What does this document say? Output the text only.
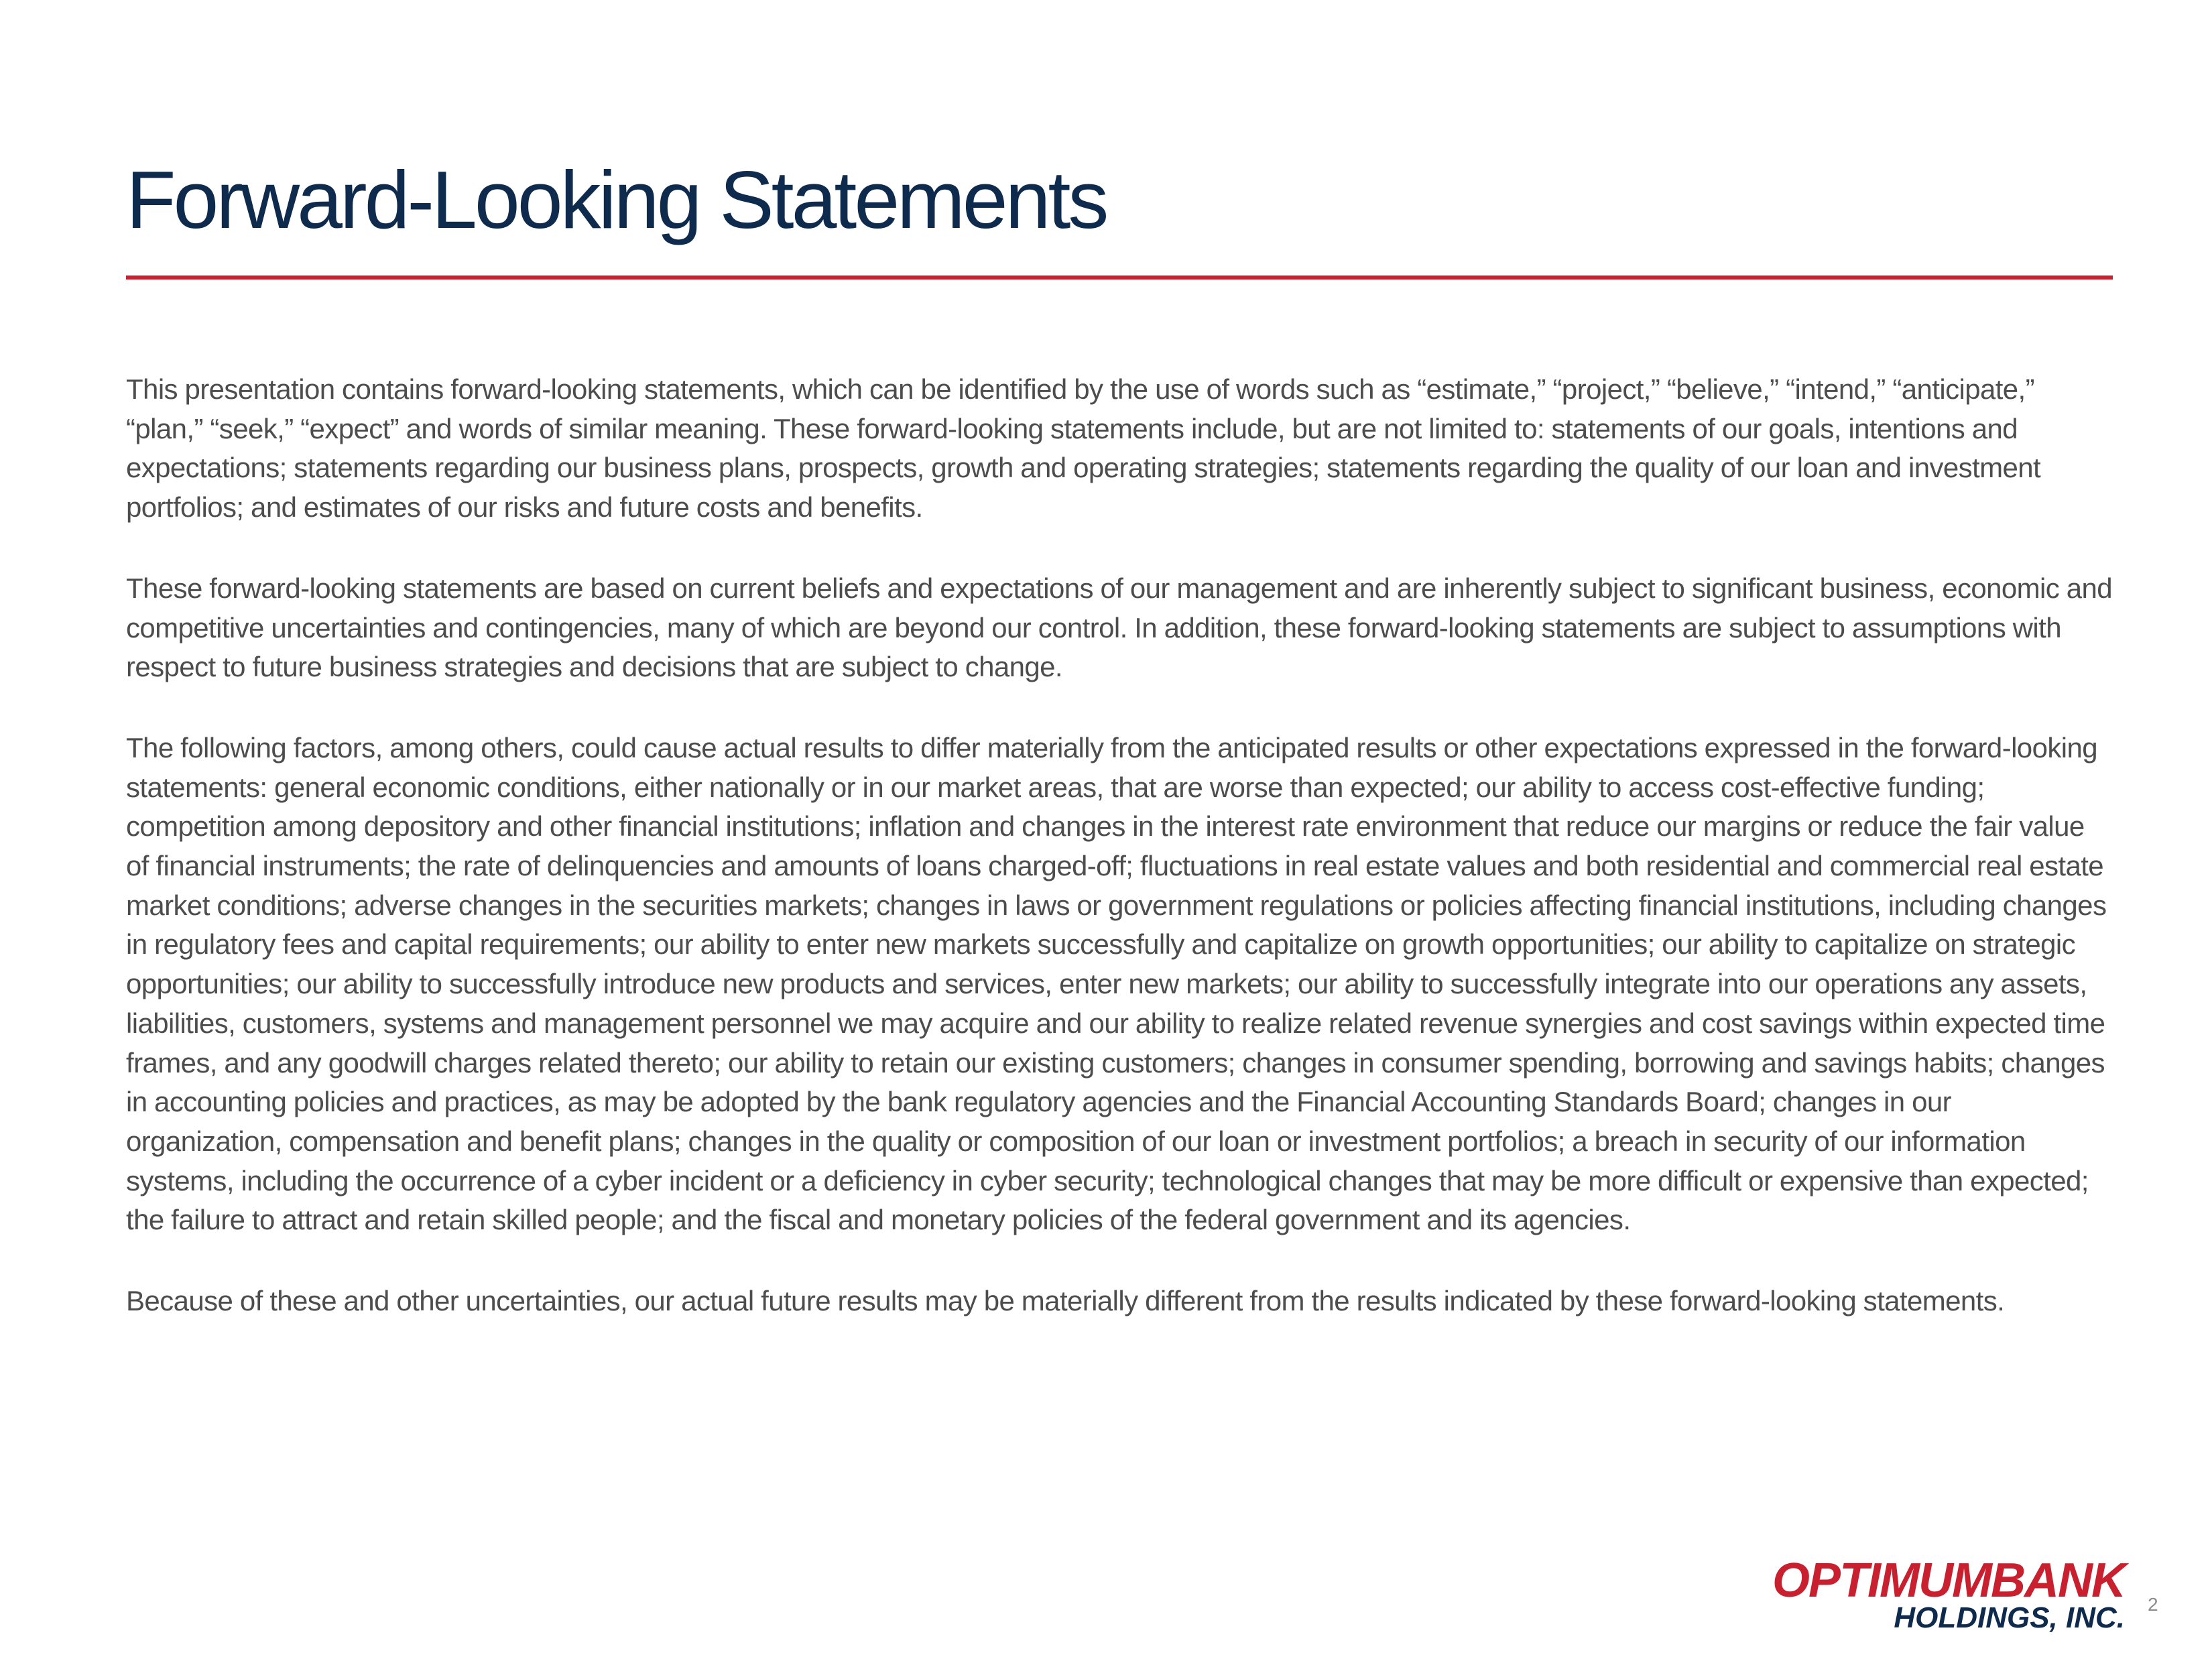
Forward-Looking Statements

This presentation contains forward-looking statements, which can be identified by the use of words such as “estimate,” “project,” “believe,” “intend,” “anticipate,” “plan,” “seek,” “expect” and words of similar meaning. These forward-looking statements include, but are not limited to: statements of our goals, intentions and expectations; statements regarding our business plans, prospects, growth and operating strategies; statements regarding the quality of our loan and investment portfolios; and estimates of our risks and future costs and benefits.

These forward-looking statements are based on current beliefs and expectations of our management and are inherently subject to significant business, economic and competitive uncertainties and contingencies, many of which are beyond our control. In addition, these forward-looking statements are subject to assumptions with respect to future business strategies and decisions that are subject to change.

The following factors, among others, could cause actual results to differ materially from the anticipated results or other expectations expressed in the forward-looking statements: general economic conditions, either nationally or in our market areas, that are worse than expected; our ability to access cost-effective funding; competition among depository and other financial institutions; inflation and changes in the interest rate environment that reduce our margins or reduce the fair value of financial instruments; the rate of delinquencies and amounts of loans charged-off; fluctuations in real estate values and both residential and commercial real estate market conditions; adverse changes in the securities markets; changes in laws or government regulations or policies affecting financial institutions, including changes in regulatory fees and capital requirements; our ability to enter new markets successfully and capitalize on growth opportunities; our ability to capitalize on strategic opportunities; our ability to successfully introduce new products and services, enter new markets; our ability to successfully integrate into our operations any assets, liabilities, customers, systems and management personnel we may acquire and our ability to realize related revenue synergies and cost savings within expected time frames, and any goodwill charges related thereto; our ability to retain our existing customers; changes in consumer spending, borrowing and savings habits; changes in accounting policies and practices, as may be adopted by the bank regulatory agencies and the Financial Accounting Standards Board; changes in our organization, compensation and benefit plans; changes in the quality or composition of our loan or investment portfolios; a breach in security of our information systems, including the occurrence of a cyber incident or a deficiency in cyber security; technological changes that may be more difficult or expensive than expected; the failure to attract and retain skilled people; and the fiscal and monetary policies of the federal government and its agencies.

Because of these and other uncertainties, our actual future results may be materially different from the results indicated by these forward-looking statements.

OPTIMUMBANK
HOLDINGS, INC. 2
